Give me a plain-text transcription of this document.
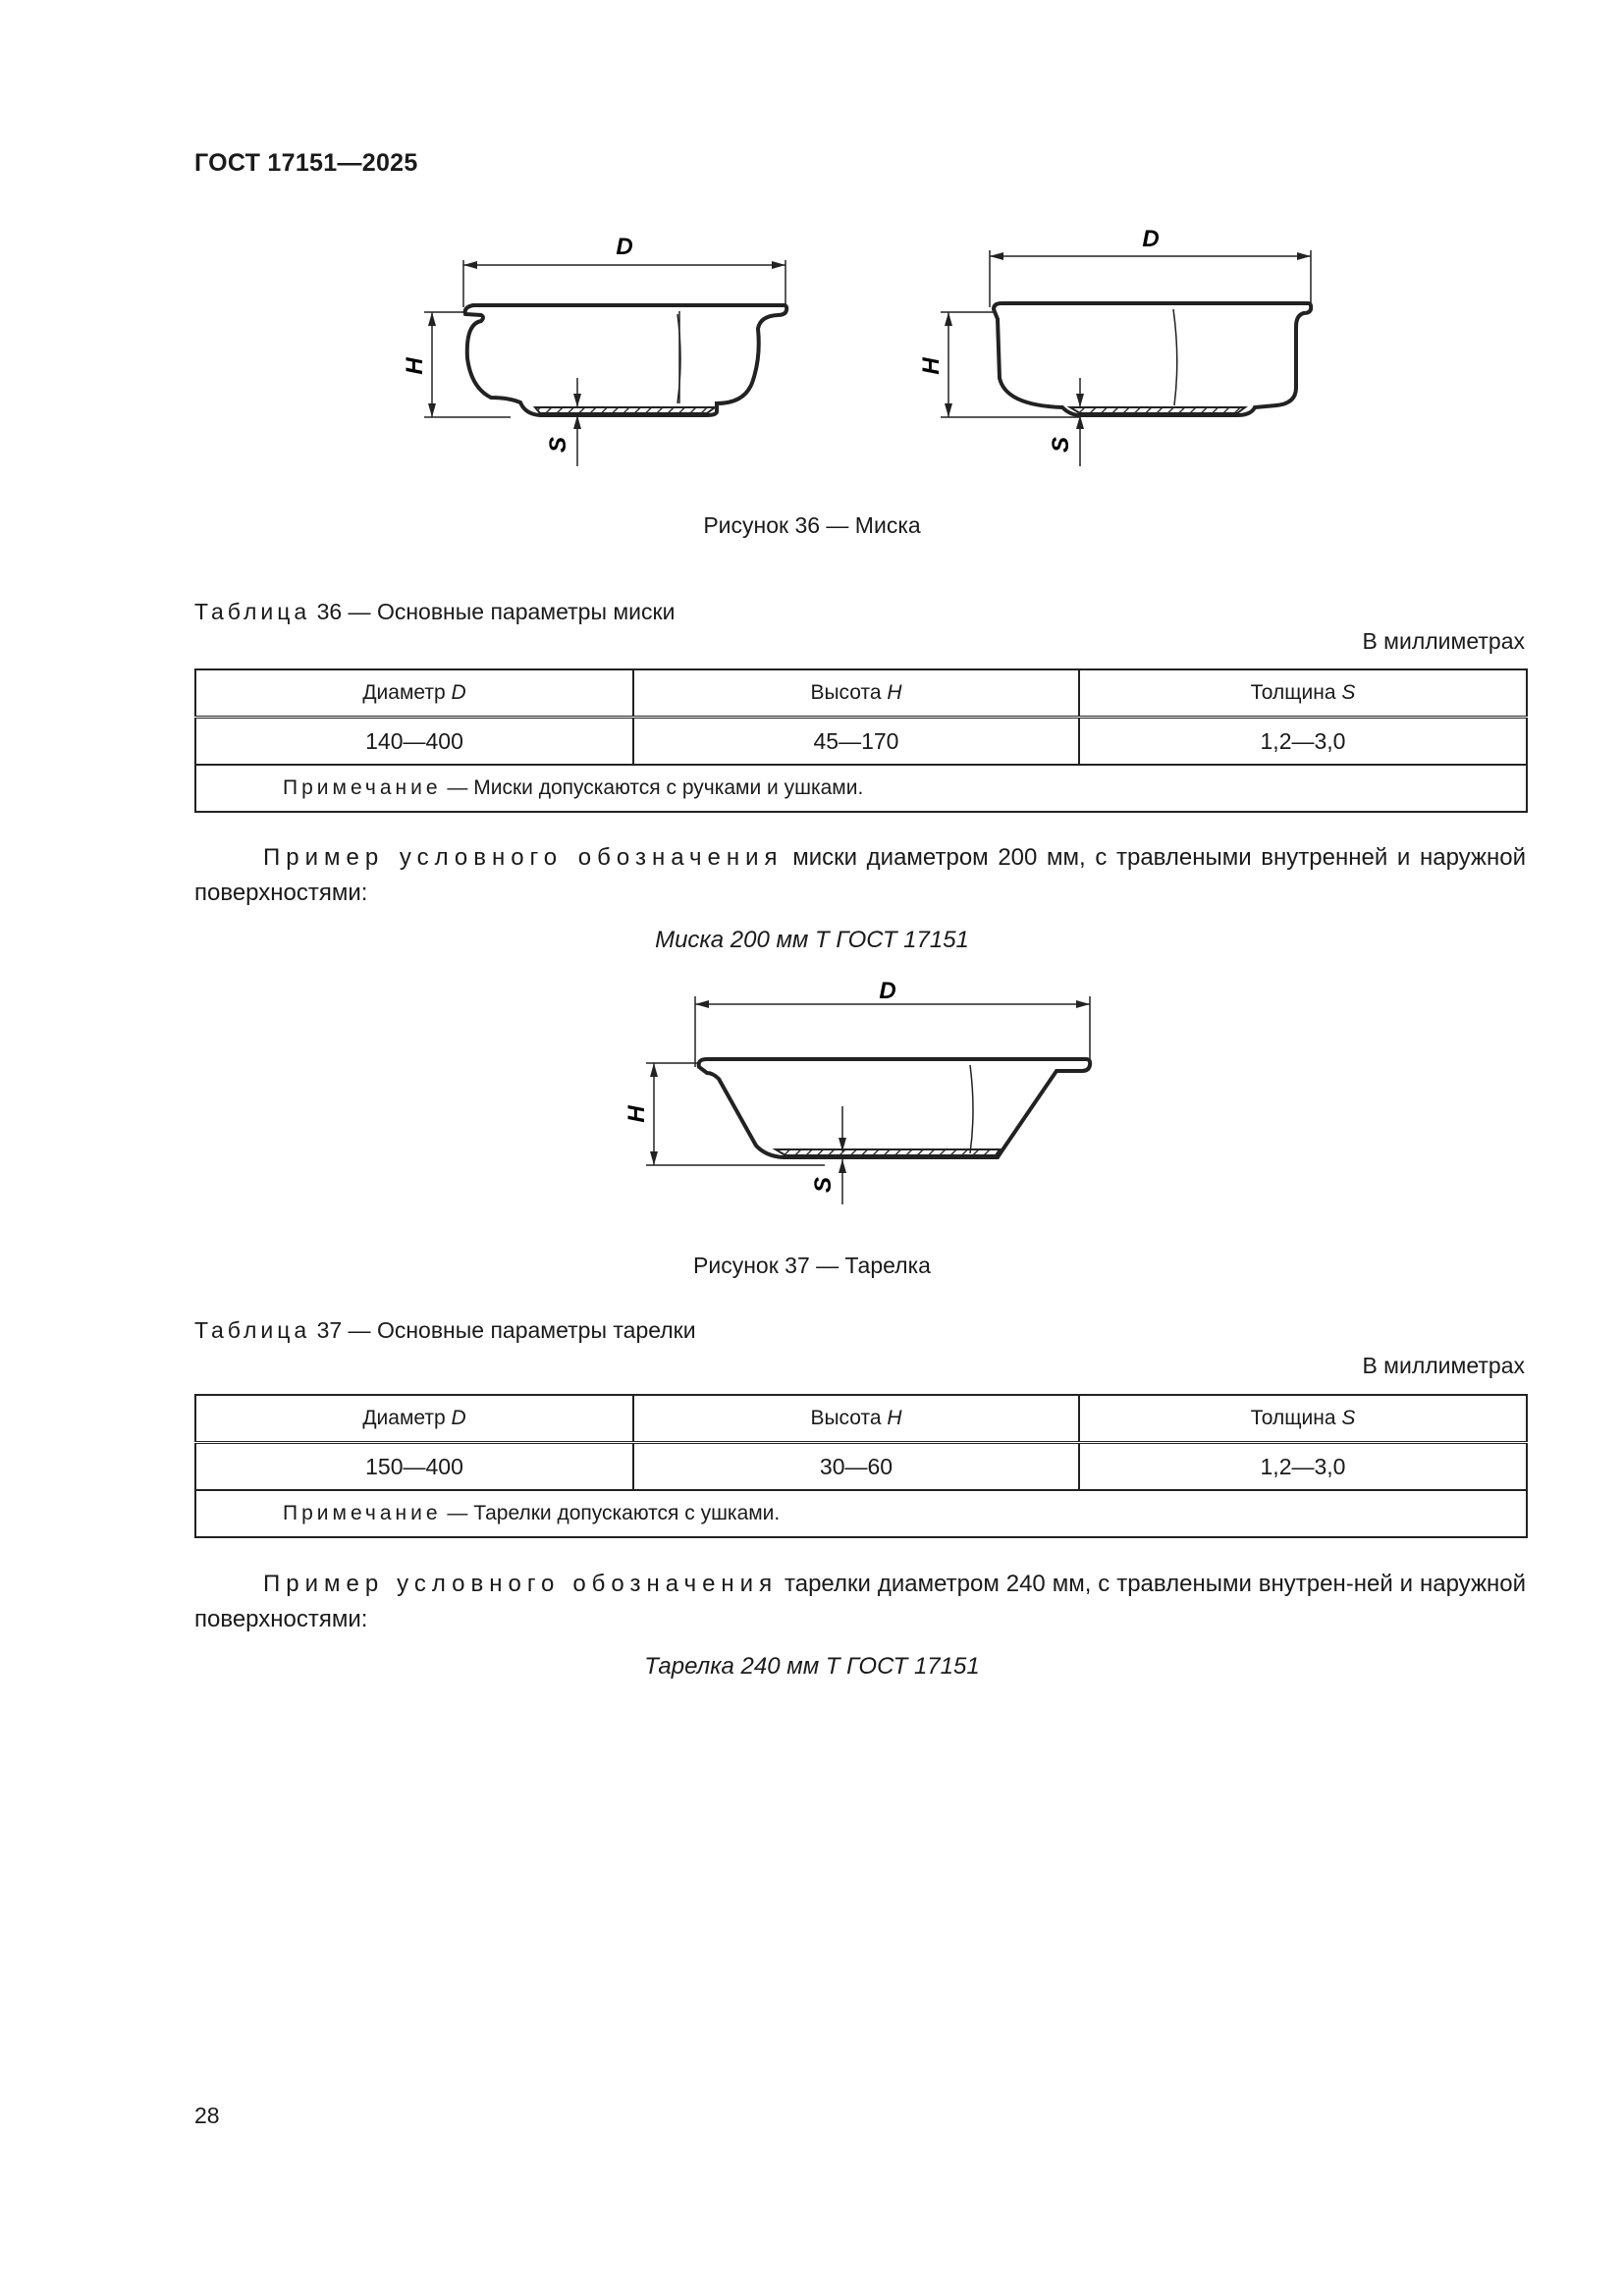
ГОСТ 17151—2025
D
H
S
D
H
S
Рисунок 36 — Миска
Таблица 36 — Основные параметры миски
В миллиметрах
Диаметр D	Высота H	Толщина S
140—400	45—170	1,2—3,0
Примечание — Миски допускаются с ручками и ушками.		
Пример условного обозначения миски диаметром 200 мм, с травлеными внутренней и наружной поверхностями:
Миска 200 мм Т ГОСТ 17151
D
H
S
Рисунок 37 — Тарелка
Таблица 37 — Основные параметры тарелки
В миллиметрах
Диаметр D	Высота H	Толщина S
150—400	30—60	1,2—3,0
Примечание — Тарелки допускаются с ушками.		
Пример условного обозначения тарелки диаметром 240 мм, с травлеными внутрен-ней и наружной поверхностями:
Тарелка 240 мм Т ГОСТ 17151
28
